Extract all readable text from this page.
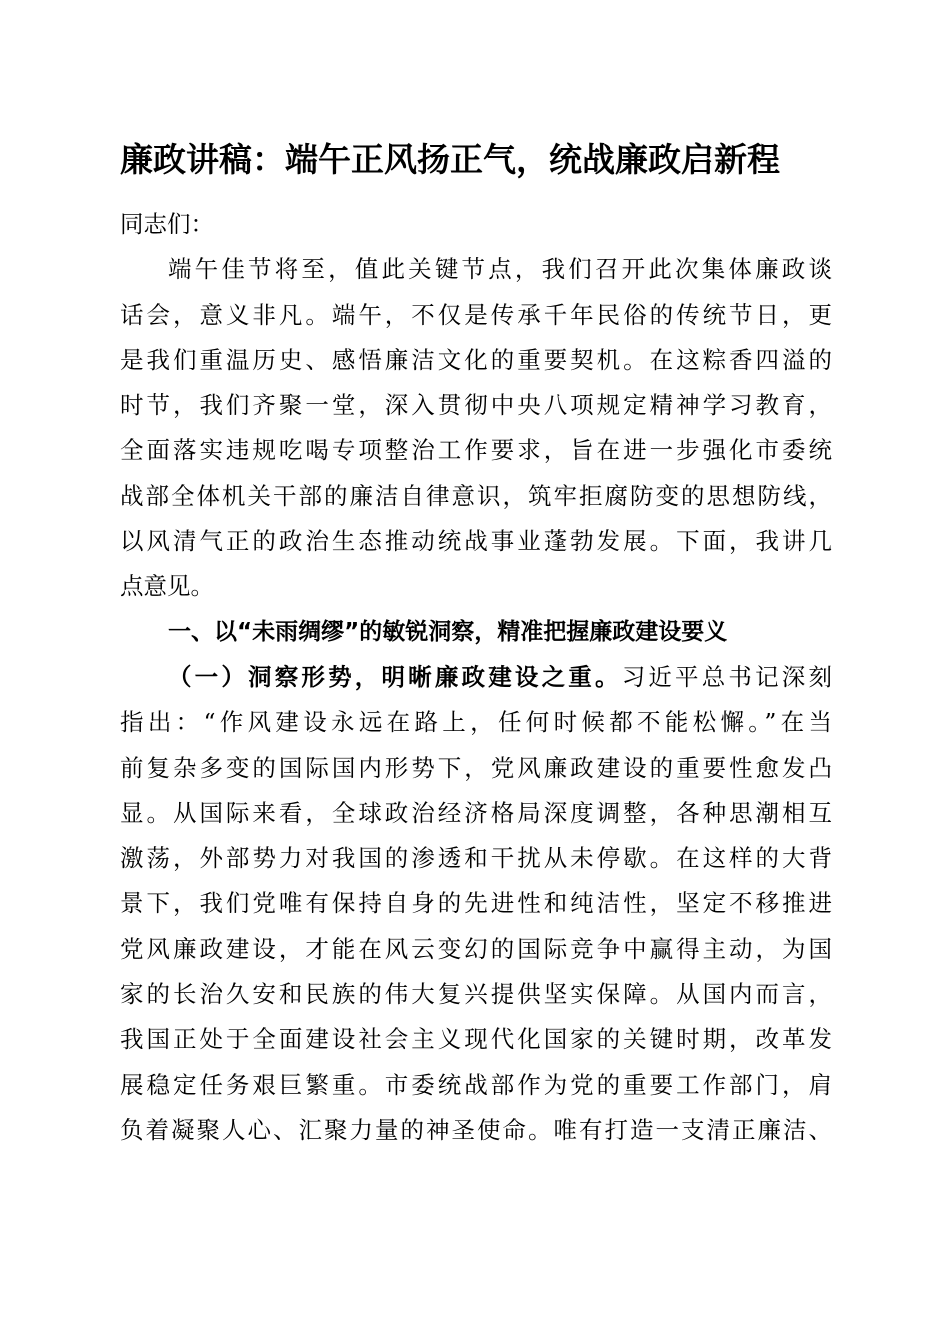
廉政讲稿：端午正风扬正气，统战廉政启新程
同志们：
端午佳节将至，值此关键节点，我们召开此次集体廉政谈
话会，意义非凡。端午，不仅是传承千年民俗的传统节日，更
是我们重温历史、感悟廉洁文化的重要契机。在这粽香四溢的
时节，我们齐聚一堂，深入贯彻中央八项规定精神学习教育，
全面落实违规吃喝专项整治工作要求，旨在进一步强化市委统
战部全体机关干部的廉洁自律意识，筑牢拒腐防变的思想防线，
以风清气正的政治生态推动统战事业蓬勃发展。下面，我讲几
点意见。
一、以“未雨绸缪”的敏锐洞察，精准把握廉政建设要义
（一）洞察形势，明晰廉政建设之重。习近平总书记深刻
指出：“作风建设永远在路上，任何时候都不能松懈。”在当
前复杂多变的国际国内形势下，党风廉政建设的重要性愈发凸
显。从国际来看，全球政治经济格局深度调整，各种思潮相互
激荡，外部势力对我国的渗透和干扰从未停歇。在这样的大背
景下，我们党唯有保持自身的先进性和纯洁性，坚定不移推进
党风廉政建设，才能在风云变幻的国际竞争中赢得主动，为国
家的长治久安和民族的伟大复兴提供坚实保障。从国内而言，
我国正处于全面建设社会主义现代化国家的关键时期，改革发
展稳定任务艰巨繁重。市委统战部作为党的重要工作部门，肩
负着凝聚人心、汇聚力量的神圣使命。唯有打造一支清正廉洁、
